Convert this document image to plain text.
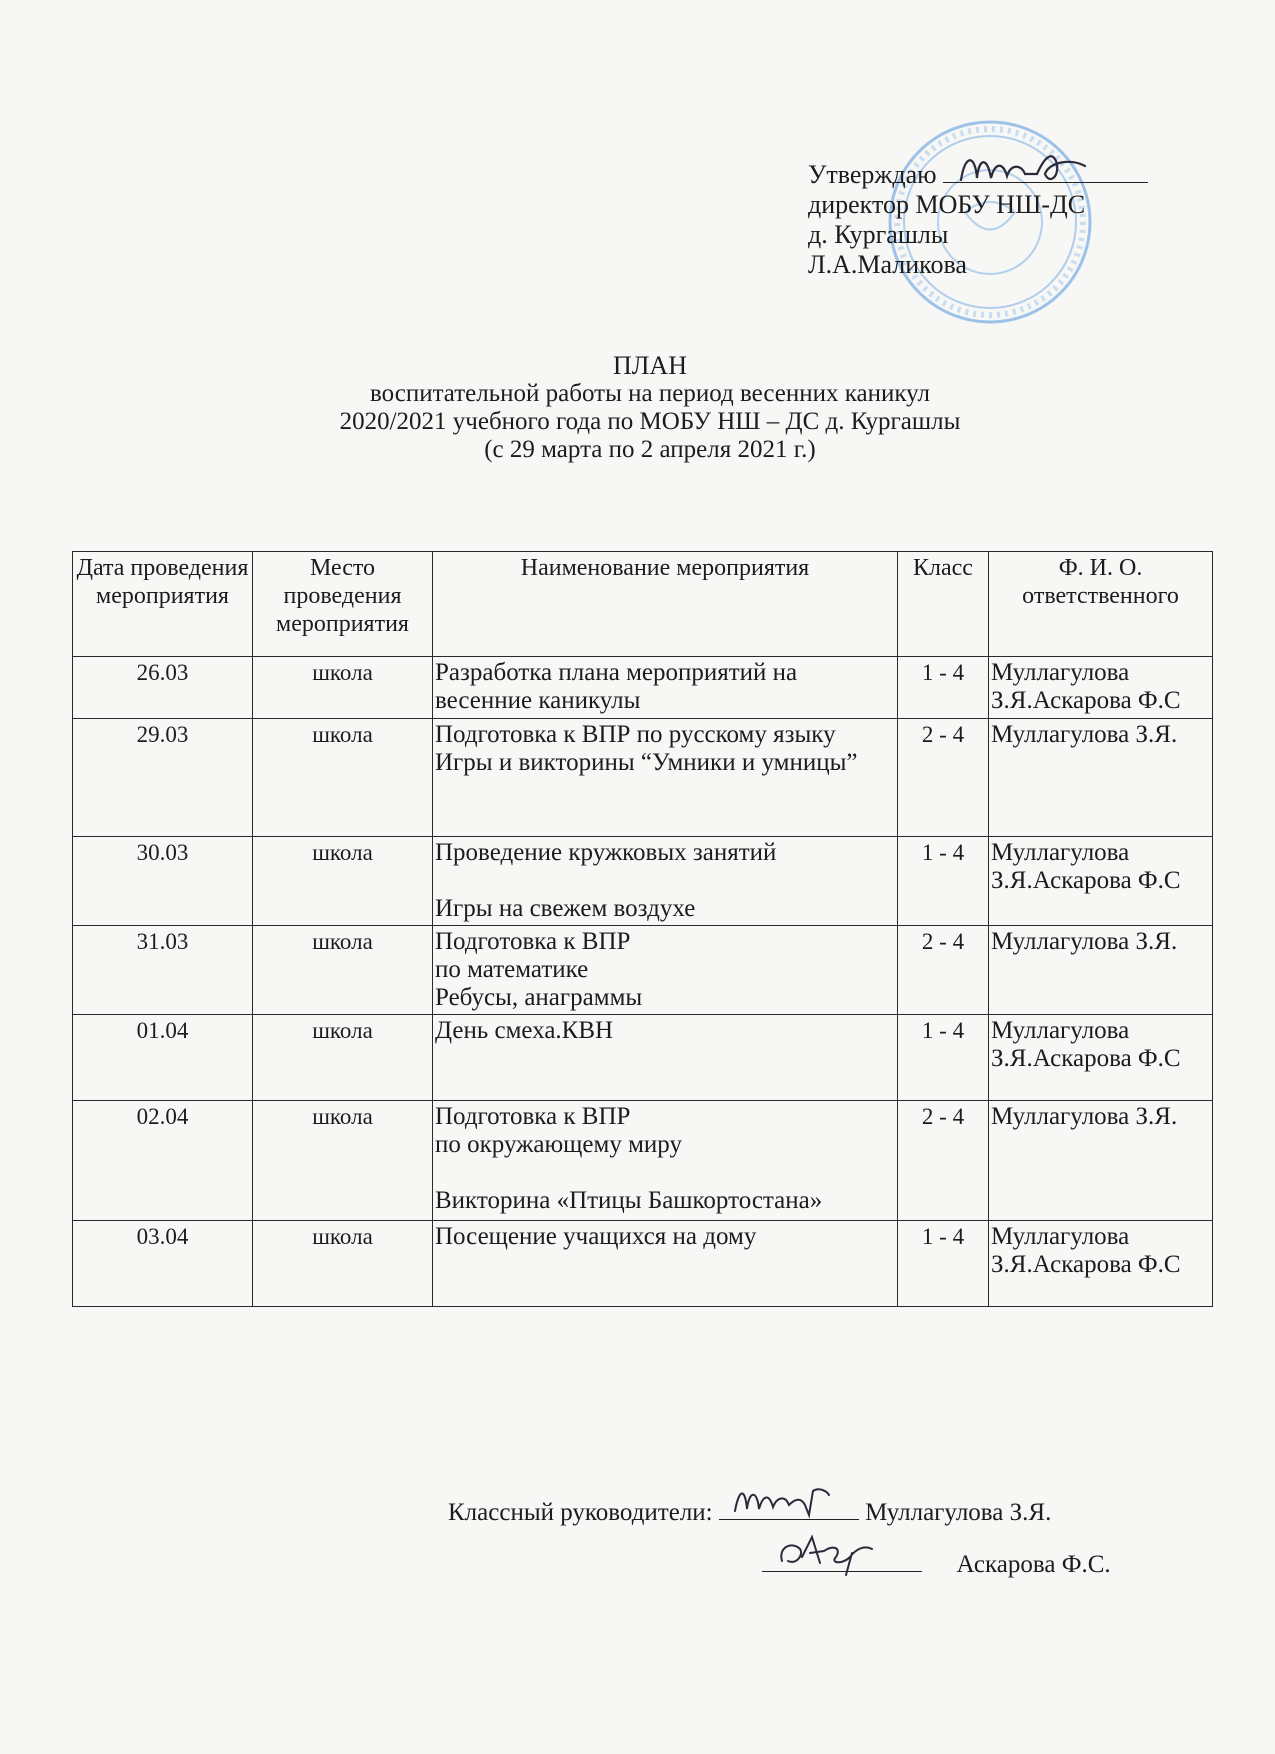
Утверждаю
директор МОБУ НШ-ДС
д. Кургашлы
Л.А.Маликова
ПЛАН
воспитательной работы на период весенних каникул
2020/2021 учебного года по МОБУ НШ – ДС д. Кургашлы
(с 29 марта по 2 апреля 2021 г.)
Дата проведения мероприятия	Место проведения мероприятия	Наименование мероприятия	Класс	Ф. И. О. ответственного
26.03	школа	Разработка плана мероприятий на весенние каникулы	1 - 4	Муллагулова З.Я.Аскарова Ф.С
29.03	школа	Подготовка к ВПР по русскому языку
Игры и викторины “Умники и умницы”	2 - 4	Муллагулова З.Я.
30.03	школа	Проведение кружковых занятий
Игры на свежем воздухе	1 - 4	Муллагулова З.Я.Аскарова Ф.С
31.03	школа	Подготовка к ВПР
по математике
Ребусы, анаграммы	2 - 4	Муллагулова З.Я.
01.04	школа	День смеха.КВН	1 - 4	Муллагулова З.Я.Аскарова Ф.С
02.04	школа	Подготовка к ВПР
по окружающему миру
Викторина «Птицы Башкортостана»	2 - 4	Муллагулова З.Я.
03.04	школа	Посещение учащихся на дому	1 - 4	Муллагулова З.Я.Аскарова Ф.С
Классный руководители:	Муллагулова З.Я.
Аскарова Ф.С.
